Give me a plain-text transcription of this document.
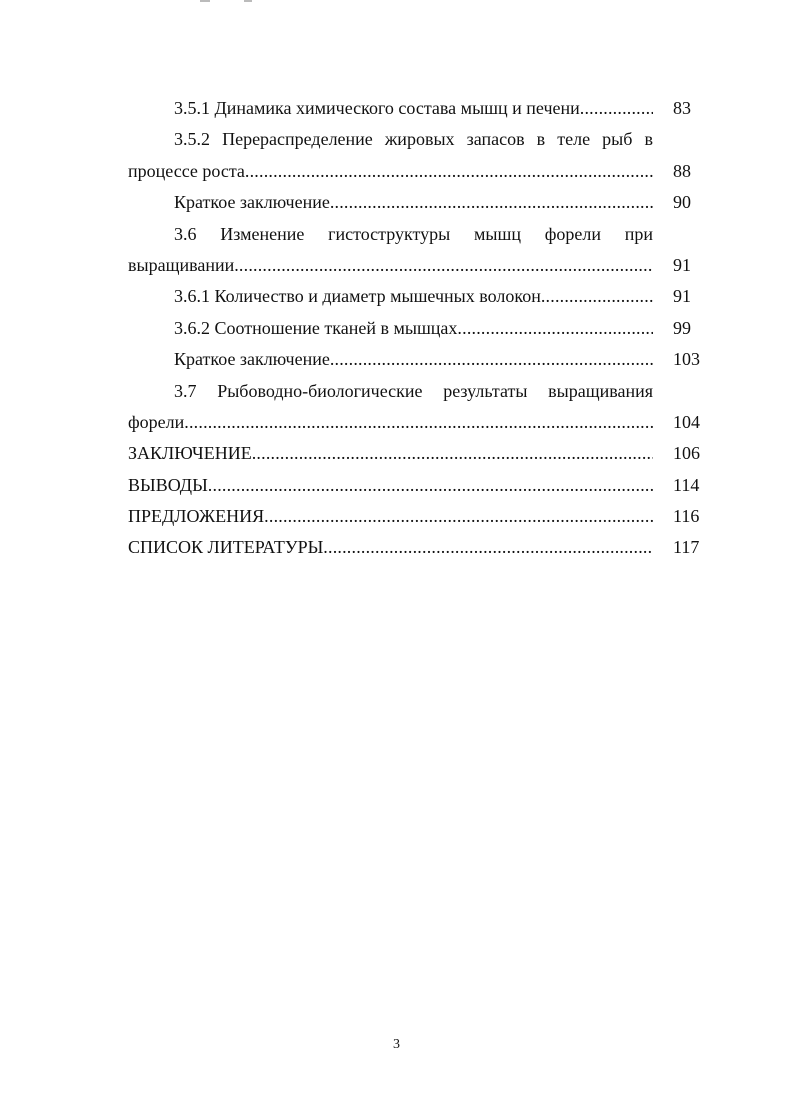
3.5.1 Динамика химического состава мышц и печени .....	83
3.5.2 Перераспределение жировых запасов в теле рыб в
процессе роста .....	88
Краткое заключение .....	90
3.6 Изменение гистоструктуры мышц форели при
выращивании .....	91
3.6.1 Количество и диаметр мышечных волокон .....	91
3.6.2 Соотношение тканей в мышцах .....	99
Краткое заключение .....	103
3.7 Рыбоводно-биологические результаты выращивания
форели .....	104
ЗАКЛЮЧЕНИЕ .....	106
ВЫВОДЫ .....	114
ПРЕДЛОЖЕНИЯ .....	116
СПИСОК ЛИТЕРАТУРЫ .....	117
3
